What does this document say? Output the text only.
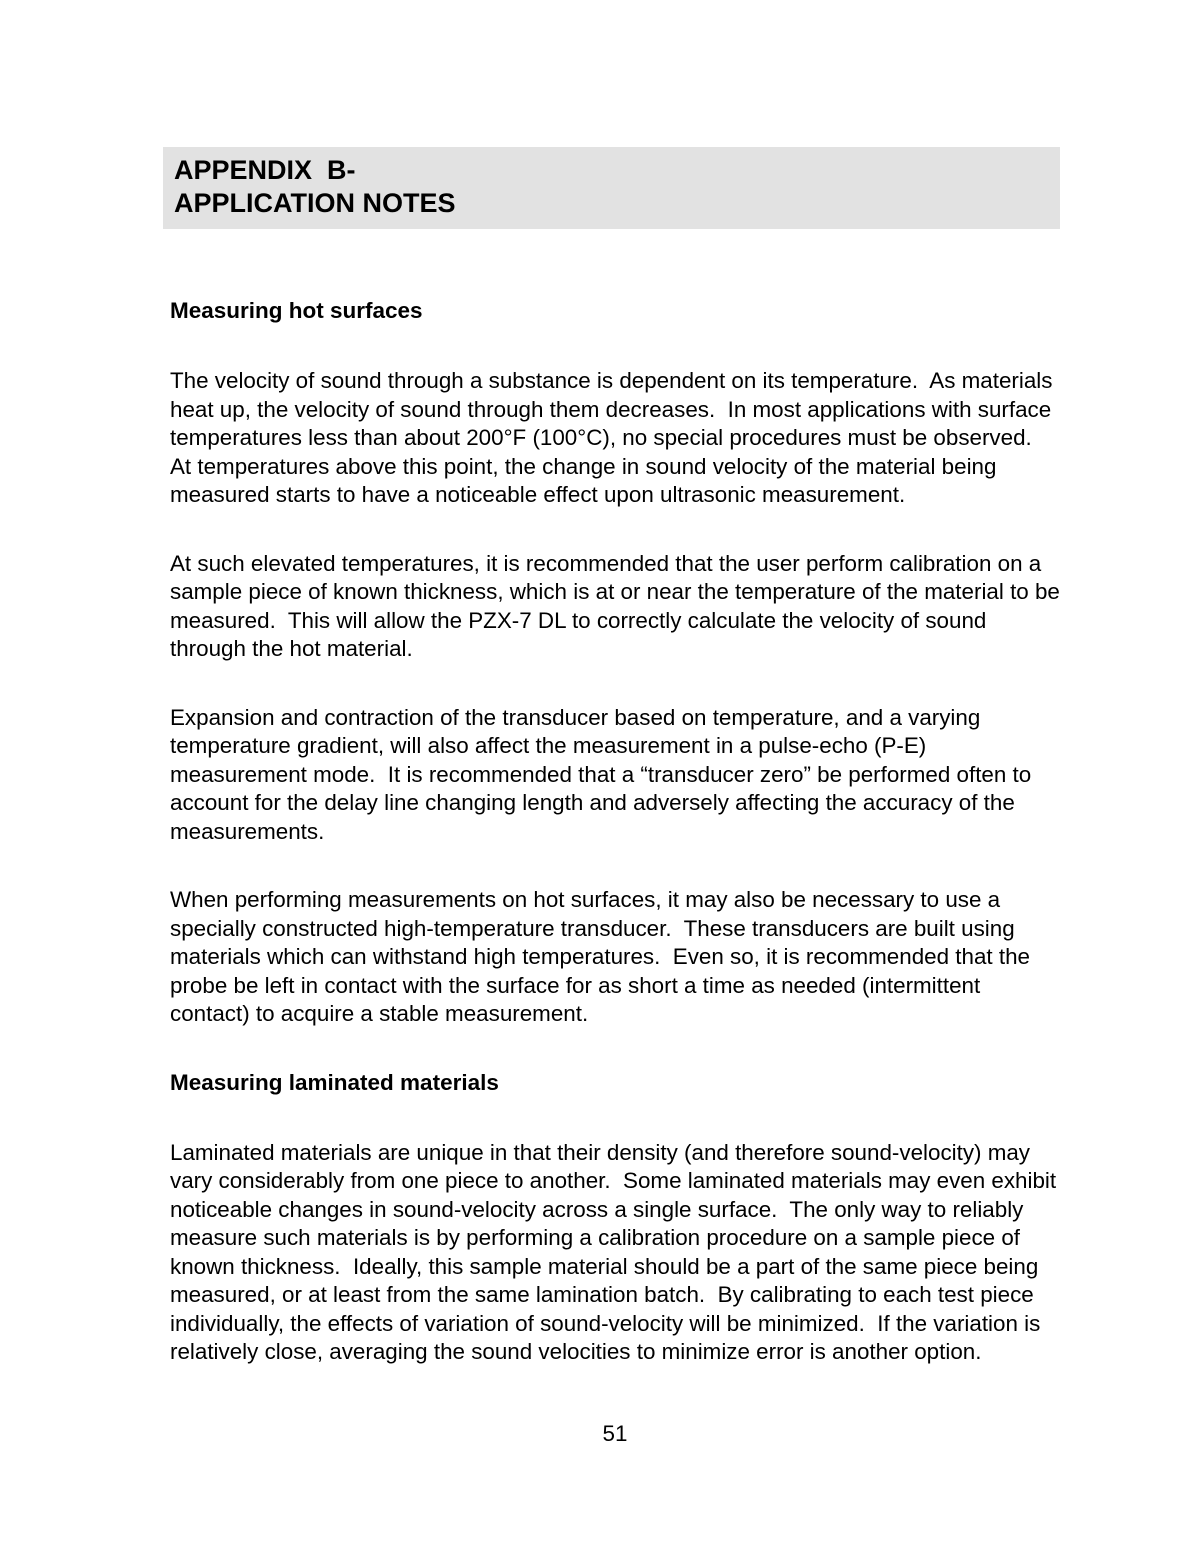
APPENDIX  B-
APPLICATION NOTES
Measuring hot surfaces

The velocity of sound through a substance is dependent on its temperature.  As materials heat up, the velocity of sound through them decreases.  In most applications with surface temperatures less than about 200°F (100°C), no special procedures must be observed.  At temperatures above this point, the change in sound velocity of the material being measured starts to have a noticeable effect upon ultrasonic measurement.

At such elevated temperatures, it is recommended that the user perform calibration on a sample piece of known thickness, which is at or near the temperature of the material to be measured.  This will allow the PZX-7 DL to correctly calculate the velocity of sound through the hot material.

Expansion and contraction of the transducer based on temperature, and a varying temperature gradient, will also affect the measurement in a pulse-echo (P-E) measurement mode.  It is recommended that a “transducer zero” be performed often to account for the delay line changing length and adversely affecting the accuracy of the measurements.

When performing measurements on hot surfaces, it may also be necessary to use a specially constructed high-temperature transducer.  These transducers are built using materials which can withstand high temperatures.  Even so, it is recommended that the probe be left in contact with the surface for as short a time as needed (intermittent contact) to acquire a stable measurement.

Measuring laminated materials

Laminated materials are unique in that their density (and therefore sound-velocity) may vary considerably from one piece to another.  Some laminated materials may even exhibit noticeable changes in sound-velocity across a single surface.  The only way to reliably measure such materials is by performing a calibration procedure on a sample piece of known thickness.  Ideally, this sample material should be a part of the same piece being measured, or at least from the same lamination batch.  By calibrating to each test piece individually, the effects of variation of sound-velocity will be minimized.  If the variation is relatively close, averaging the sound velocities to minimize error is another option.

51
